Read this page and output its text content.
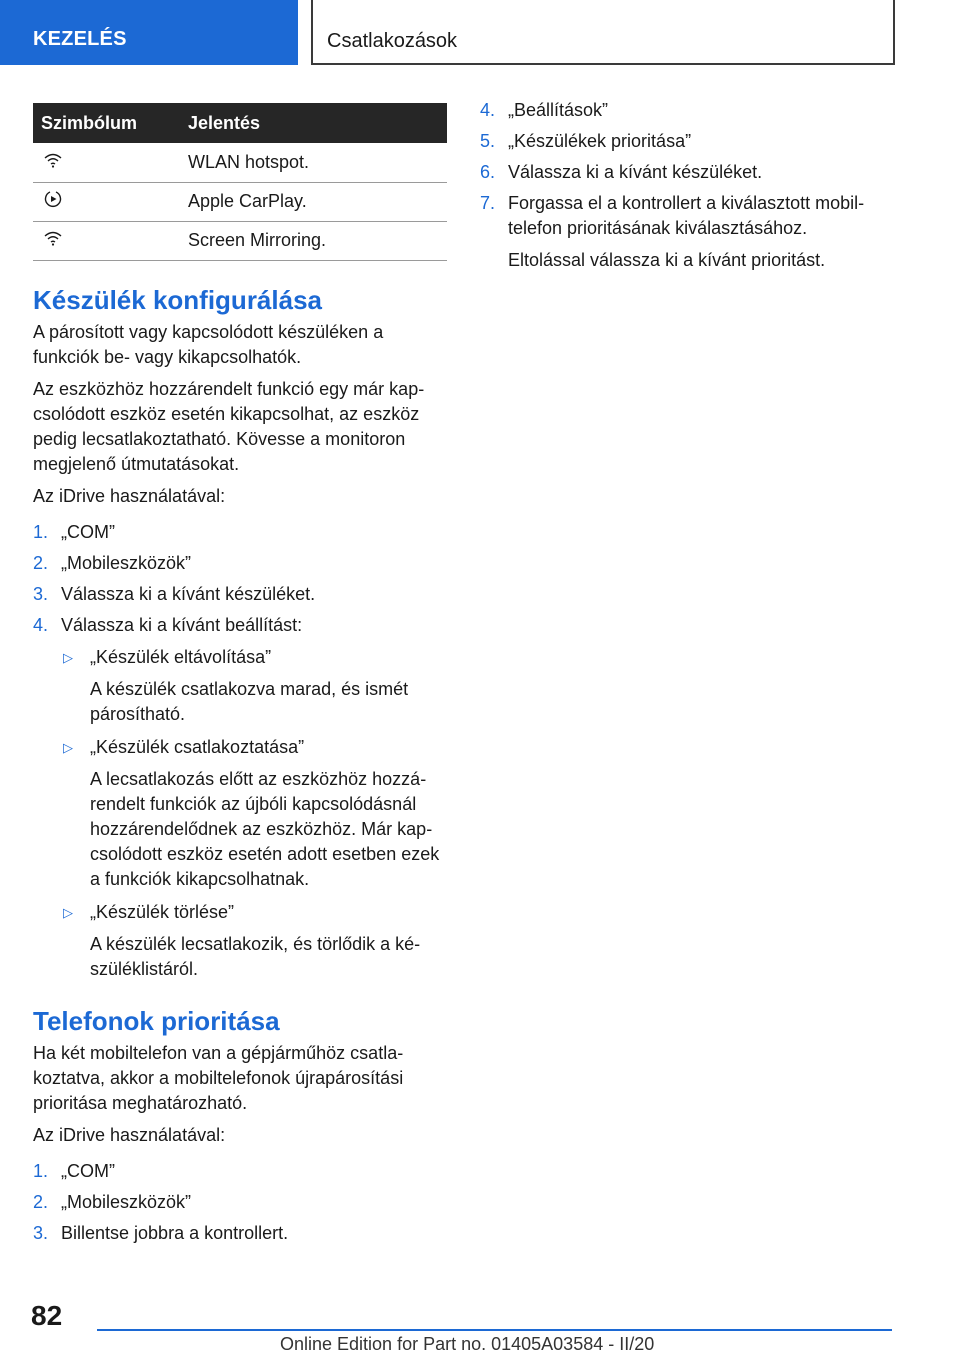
KEZELÉS	Csatlakozások
Szimbólum	Jelentés
	WLAN hotspot.
	Apple CarPlay.
	Screen Mirroring.
Készülék konfigurálása

A párosított vagy kapcsolódott készüléken a funkciók be- vagy kikapcsolhatók.

Az eszközhöz hozzárendelt funkció egy már kapcsolódott eszköz esetén kikapcsolhat, az eszköz pedig lecsatlakoztatható. Kövesse a monitoron megjelenő útmutatásokat.

Az iDrive használatával:

1. „COM”
2. „Mobileszközök”
3. Válassza ki a kívánt készüléket.
4. Válassza ki a kívánt beállítást:
▷ „Készülék eltávolítása”
A készülék csatlakozva marad, és ismét párosítható.
▷ „Készülék csatlakoztatása”
A lecsatlakozás előtt az eszközhöz hozzárendelt funkciók az újbóli kapcsolódásnál hozzárendelődnek az eszközhöz. Már kapcsolódott eszköz esetén adott esetben ezek a funkciók kikapcsolhatnak.
▷ „Készülék törlése”
A készülék lecsatlakozik, és törlődik a készüléklistáról.
Telefonok prioritása

Ha két mobiltelefon van a gépjárműhöz csatlakoztatva, akkor a mobiltelefonok újrapárosítási prioritása meghatározható.

Az iDrive használatával:

1. „COM”
2. „Mobileszközök”
3. Billentse jobbra a kontrollert.
4. „Beállítások”
5. „Készülékek prioritása”
6. Válassza ki a kívánt készüléket.
7. Forgassa el a kontrollert a kiválasztott mobiltelefon prioritásának kiválasztásához.
Eltolással válassza ki a kívánt prioritást.
82
Online Edition for Part no. 01405A03584 - II/20
